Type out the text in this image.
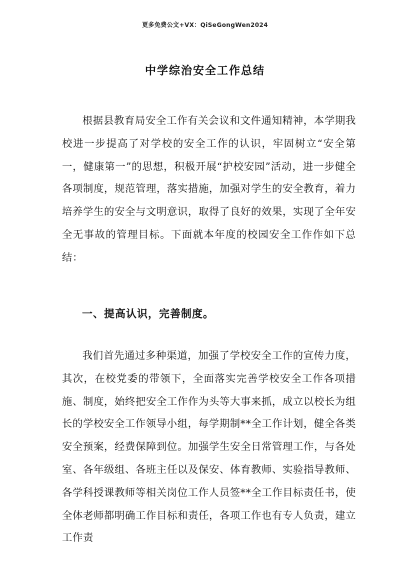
更多免费公文+VX：QiSeGongWen2024
中学综治安全工作总结

根据县教育局安全工作有关会议和文件通知精神，本学期我校进一步提高了对学校的安全工作的认识，牢固树立“安全第一，健康第一”的思想，积极开展“护校安园”活动，进一步健全各项制度，规范管理，落实措施，加强对学生的安全教育，着力培养学生的安全与文明意识，取得了良好的效果，实现了全年安全无事故的管理目标。下面就本年度的校园安全工作作如下总结：

一、提高认识，完善制度。

我们首先通过多种渠道，加强了学校安全工作的宣传力度，其次，在校党委的带领下，全面落实完善学校安全工作各项措施、制度，始终把安全工作作为头等大事来抓，成立以校长为组长的学校安全工作领导小组，每学期制**全工作计划，健全各类安全预案，经费保障到位。加强学生安全日常管理工作，与各处室、各年级组、各班主任以及保安、体育教师、实验指导教师、各学科授课教师等相关岗位工作人员签**全工作目标责任书，使全体老师都明确工作目标和责任，各项工作也有专人负责，建立工作责
